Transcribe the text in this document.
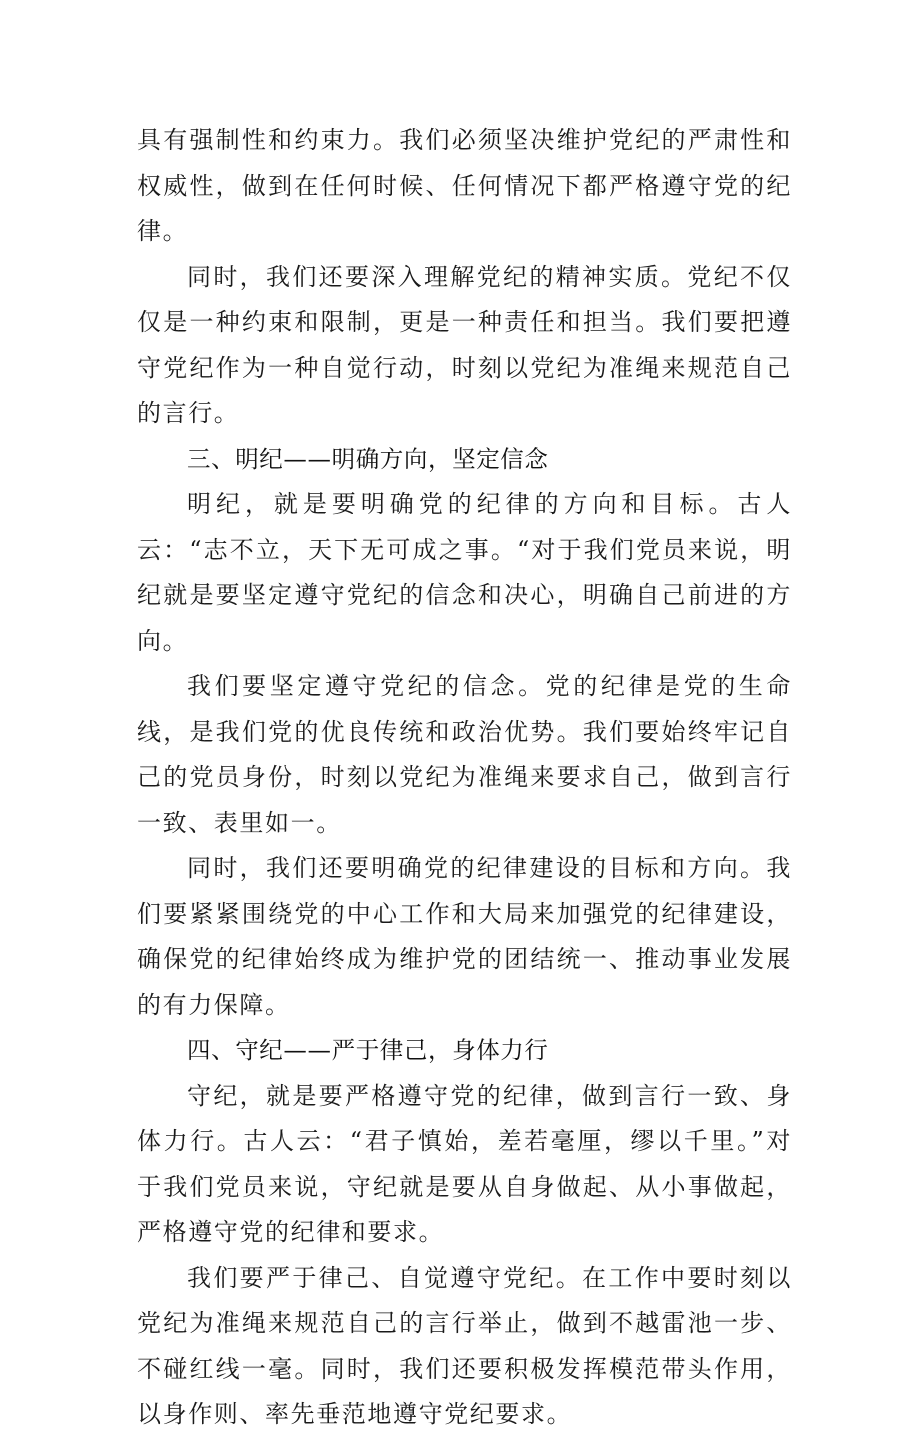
具有强制性和约束力。我们必须坚决维护党纪的严肃性和权威性，做到在任何时候、任何情况下都严格遵守党的纪律。

同时，我们还要深入理解党纪的精神实质。党纪不仅仅是一种约束和限制，更是一种责任和担当。我们要把遵守党纪作为一种自觉行动，时刻以党纪为准绳来规范自己的言行。

三、明纪——明确方向，坚定信念

明纪，就是要明确党的纪律的方向和目标。古人云：“志不立，天下无可成之事。“对于我们党员来说，明纪就是要坚定遵守党纪的信念和决心，明确自己前进的方向。

我们要坚定遵守党纪的信念。党的纪律是党的生命线，是我们党的优良传统和政治优势。我们要始终牢记自己的党员身份，时刻以党纪为准绳来要求自己，做到言行一致、表里如一。

同时，我们还要明确党的纪律建设的目标和方向。我们要紧紧围绕党的中心工作和大局来加强党的纪律建设，确保党的纪律始终成为维护党的团结统一、推动事业发展的有力保障。

四、守纪——严于律己，身体力行

守纪，就是要严格遵守党的纪律，做到言行一致、身体力行。古人云：“君子慎始，差若毫厘，缪以千里。”对于我们党员来说，守纪就是要从自身做起、从小事做起，严格遵守党的纪律和要求。

我们要严于律己、自觉遵守党纪。在工作中要时刻以党纪为准绳来规范自己的言行举止，做到不越雷池一步、不碰红线一毫。同时，我们还要积极发挥模范带头作用，以身作则、率先垂范地遵守党纪要求。
